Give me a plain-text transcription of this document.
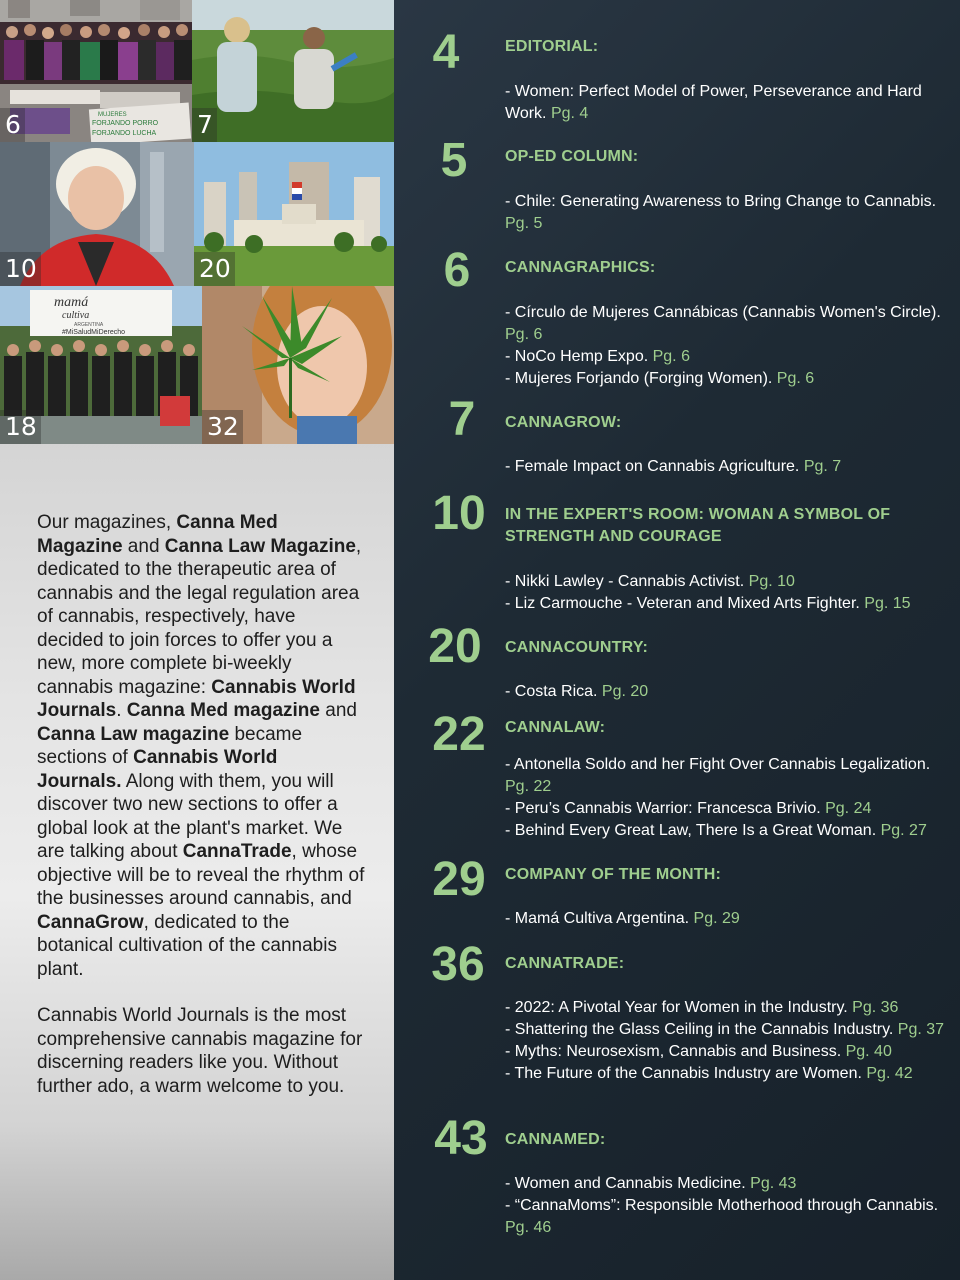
MUJERES
FORJANDO PORRO
FORJANDO LUCHA
6	7
10	20
mamá
cultiva
ARGENTINA
#MiSaludMiDerecho
18	32

Our magazines, Canna Med Magazine and Canna Law Magazine, dedicated to the therapeutic area of cannabis and the legal regulation area of cannabis, respectively, have decided to join forces to offer you a new, more complete bi-weekly cannabis magazine: Cannabis World Journals. Canna Med magazine and Canna Law magazine became sections of Cannabis World Journals. Along with them, you will discover two new sections to offer a global look at the plant's market. We are talking about CannaTrade, whose objective will be to reveal the rhythm of the businesses around cannabis, and CannaGrow, dedicated to the botanical cultivation of the cannabis plant.

Cannabis World Journals is the most comprehensive cannabis magazine for discerning readers like you. Without further ado, a warm welcome to you.

4	EDITORIAL:

- Women: Perfect Model of Power, Perseverance and Hard Work. Pg. 4

5	OP-ED COLUMN:

- Chile: Generating Awareness to Bring Change to Cannabis. Pg. 5

6	CANNAGRAPHICS:

- Círculo de Mujeres Cannábicas (Cannabis Women's Circle). Pg. 6

- NoCo Hemp Expo. Pg. 6

- Mujeres Forjando (Forging Women). Pg. 6

7	CANNAGROW:

- Female Impact on Cannabis Agriculture. Pg. 7

10	IN THE EXPERT'S ROOM: WOMAN A SYMBOL OF STRENGTH AND COURAGE

- Nikki Lawley - Cannabis Activist. Pg. 10

- Liz Carmouche - Veteran and Mixed Arts Fighter. Pg. 15

20	CANNACOUNTRY:

- Costa Rica. Pg. 20

22	CANNALAW:

- Antonella Soldo and her Fight Over Cannabis Legalization. Pg. 22

- Peru’s Cannabis Warrior: Francesca Brivio. Pg. 24

- Behind Every Great Law, There Is a Great Woman. Pg. 27

29	COMPANY OF THE MONTH:

- Mamá Cultiva Argentina. Pg. 29

36	CANNATRADE:

- 2022: A Pivotal Year for Women in the Industry. Pg. 36

- Shattering the Glass Ceiling in the Cannabis Industry. Pg. 37

- Myths: Neurosexism, Cannabis and Business. Pg. 40

- The Future of the Cannabis Industry are Women. Pg. 42

43	CANNAMED:

- Women and Cannabis Medicine. Pg. 43

- “CannaMoms”: Responsible Motherhood through Cannabis. Pg. 46
